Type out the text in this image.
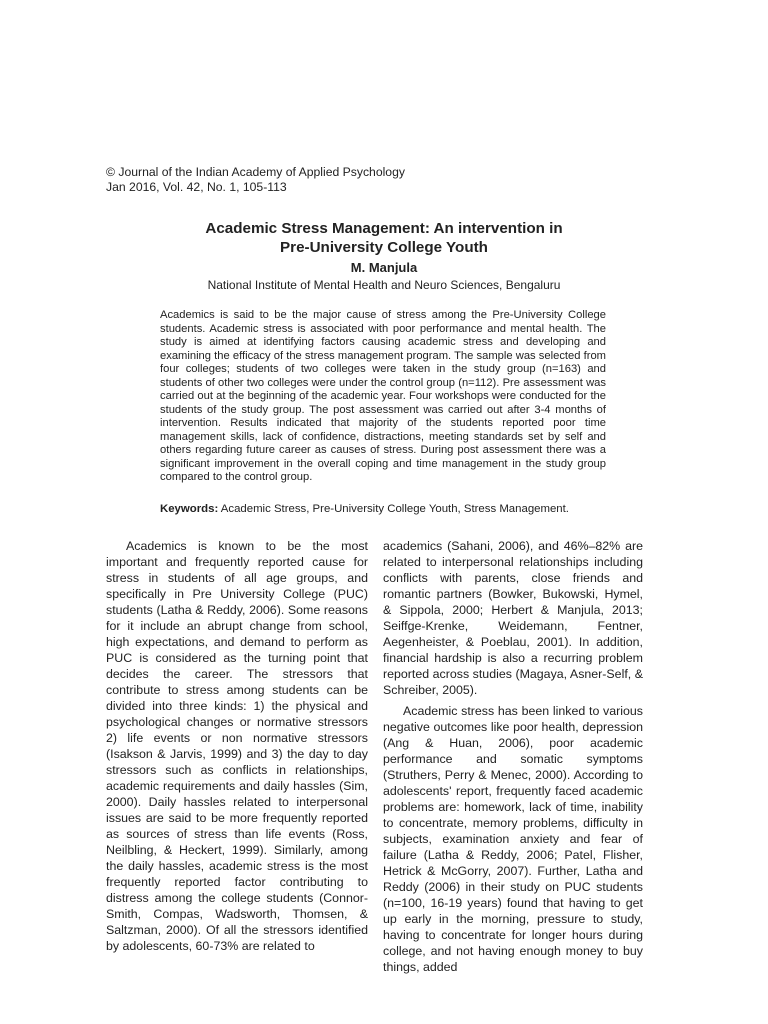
© Journal of the Indian Academy of Applied Psychology
Jan 2016, Vol. 42, No. 1, 105-113

Academic Stress Management: An intervention in
Pre-University College Youth

M. Manjula
National Institute of Mental Health and Neuro Sciences, Bengaluru

Academics is said to be the major cause of stress among the Pre-University College students. Academic stress is associated with poor performance and mental health. The study is aimed at identifying factors causing academic stress and developing and examining the efficacy of the stress management program. The sample was selected from four colleges; students of two colleges were taken in the study group (n=163) and students of other two colleges were under the control group (n=112). Pre assessment was carried out at the beginning of the academic year. Four workshops were conducted for the students of the study group. The post assessment was carried out after 3-4 months of intervention. Results indicated that majority of the students reported poor time management skills, lack of confidence, distractions, meeting standards set by self and others regarding future career as causes of stress. During post assessment there was a significant improvement in the overall coping and time management in the study group compared to the control group.

Keywords: Academic Stress, Pre-University College Youth, Stress Management.

Academics is known to be the most important and frequently reported cause for stress in students of all age groups, and specifically in Pre University College (PUC) students (Latha & Reddy, 2006). Some reasons for it include an abrupt change from school, high expectations, and demand to perform as PUC is considered as the turning point that decides the career. The stressors that contribute to stress among students can be divided into three kinds: 1) the physical and psychological changes or normative stressors 2) life events or non normative stressors (Isakson & Jarvis, 1999) and 3) the day to day stressors such as conflicts in relationships, academic requirements and daily hassles (Sim, 2000). Daily hassles related to interpersonal issues are said to be more frequently reported as sources of stress than life events (Ross, Neilbling, & Heckert, 1999). Similarly, among the daily hassles, academic stress is the most frequently reported factor contributing to distress among the college students (Connor-Smith, Compas, Wadsworth, Thomsen, & Saltzman, 2000). Of all the stressors identified by adolescents, 60-73% are related to

academics (Sahani, 2006), and 46%–82% are related to interpersonal relationships including conflicts with parents, close friends and romantic partners (Bowker, Bukowski, Hymel, & Sippola, 2000; Herbert & Manjula, 2013; Seiffge-Krenke, Weidemann, Fentner, Aegenheister, & Poeblau, 2001). In addition, financial hardship is also a recurring problem reported across studies (Magaya, Asner-Self, & Schreiber, 2005).

Academic stress has been linked to various negative outcomes like poor health, depression (Ang & Huan, 2006), poor academic performance and somatic symptoms (Struthers, Perry & Menec, 2000). According to adolescents' report, frequently faced academic problems are: homework, lack of time, inability to concentrate, memory problems, difficulty in subjects, examination anxiety and fear of failure (Latha & Reddy, 2006; Patel, Flisher, Hetrick & McGorry, 2007). Further, Latha and Reddy (2006) in their study on PUC students (n=100, 16-19 years) found that having to get up early in the morning, pressure to study, having to concentrate for longer hours during college, and not having enough money to buy things, added
